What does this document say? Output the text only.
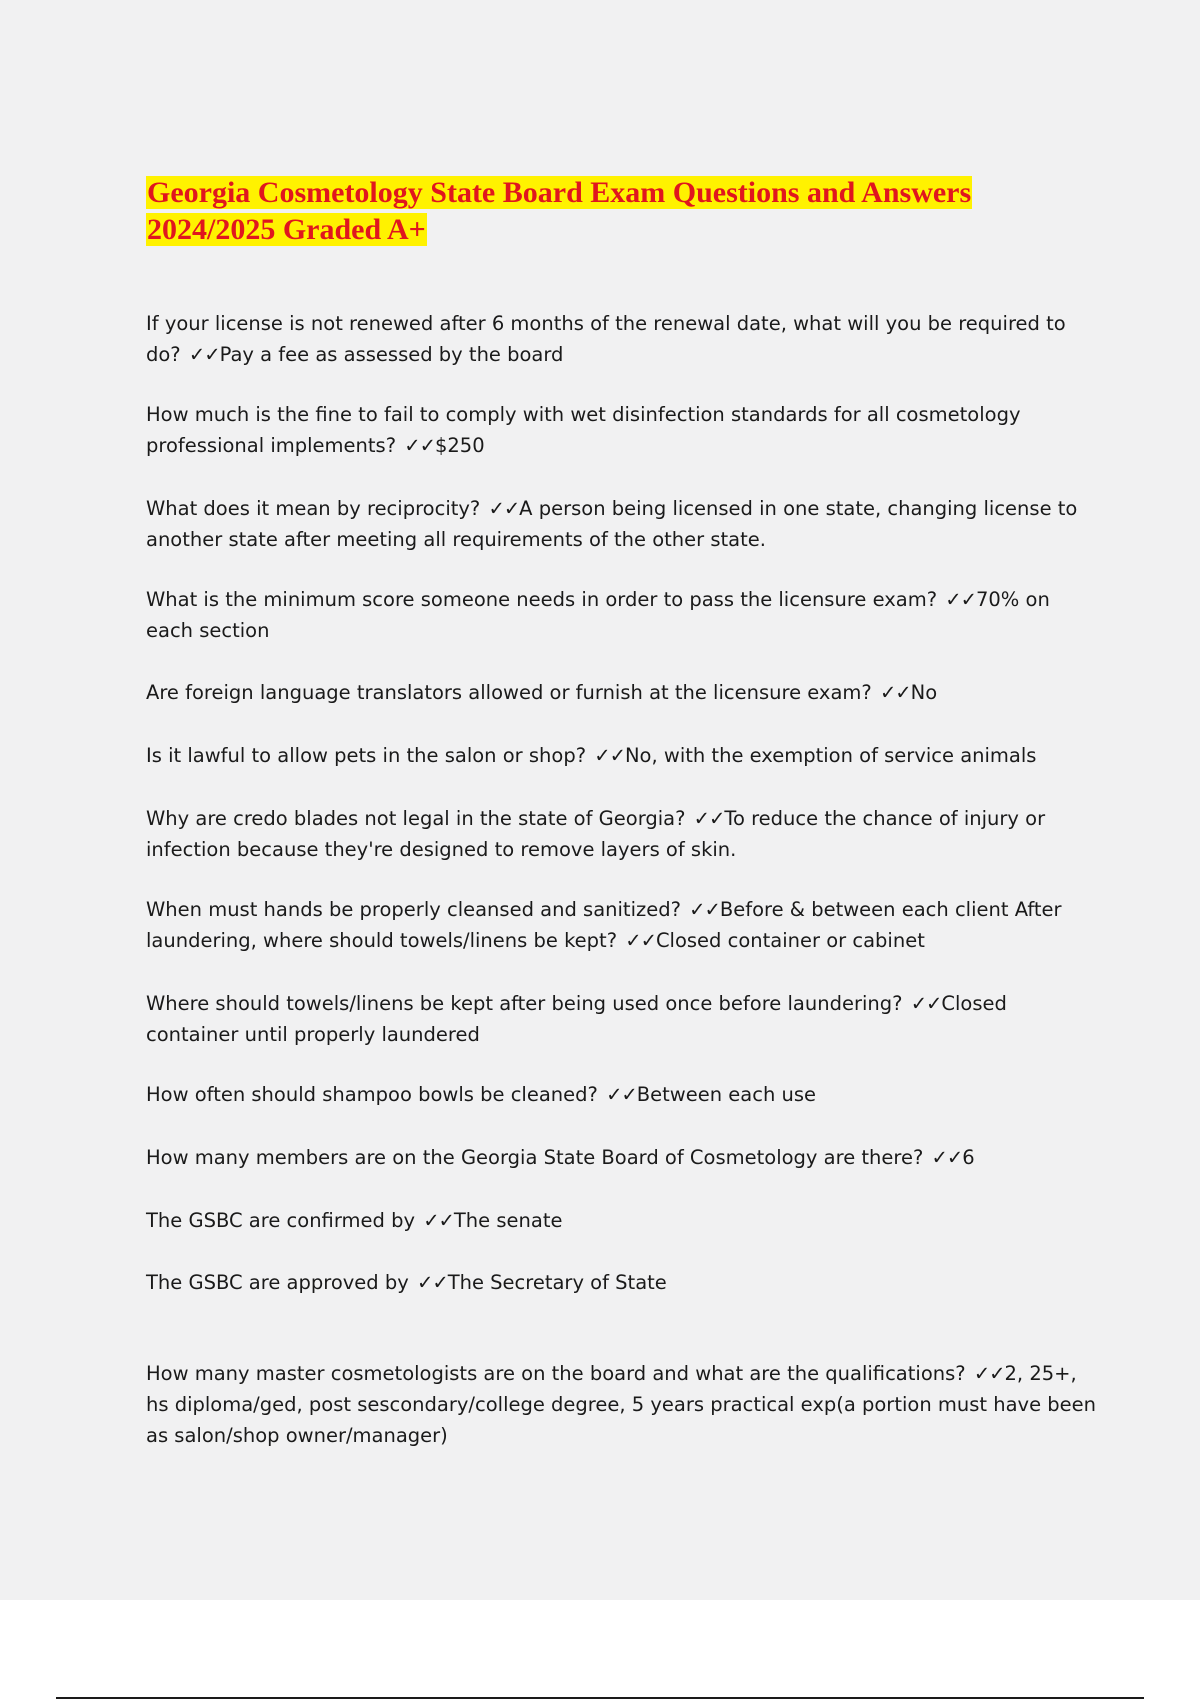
Georgia Cosmetology State Board Exam Questions and Answers 2024/2025 Graded A+

If your license is not renewed after 6 months of the renewal date, what will you be required to do? ✓✓Pay a fee as assessed by the board

How much is the fine to fail to comply with wet disinfection standards for all cosmetology professional implements? ✓✓$250

What does it mean by reciprocity? ✓✓A person being licensed in one state, changing license to another state after meeting all requirements of the other state.

What is the minimum score someone needs in order to pass the licensure exam? ✓✓70% on each section

Are foreign language translators allowed or furnish at the licensure exam? ✓✓No

Is it lawful to allow pets in the salon or shop? ✓✓No, with the exemption of service animals

Why are credo blades not legal in the state of Georgia? ✓✓To reduce the chance of injury or infection because they're designed to remove layers of skin.

When must hands be properly cleansed and sanitized? ✓✓Before & between each client After laundering, where should towels/linens be kept? ✓✓Closed container or cabinet

Where should towels/linens be kept after being used once before laundering? ✓✓Closed container until properly laundered

How often should shampoo bowls be cleaned? ✓✓Between each use

How many members are on the Georgia State Board of Cosmetology are there? ✓✓6

The GSBC are confirmed by ✓✓The senate

The GSBC are approved by ✓✓The Secretary of State

How many master cosmetologists are on the board and what are the qualifications? ✓✓2, 25+, hs diploma/ged, post sescondary/college degree, 5 years practical exp(a portion must have been as salon/shop owner/manager)
